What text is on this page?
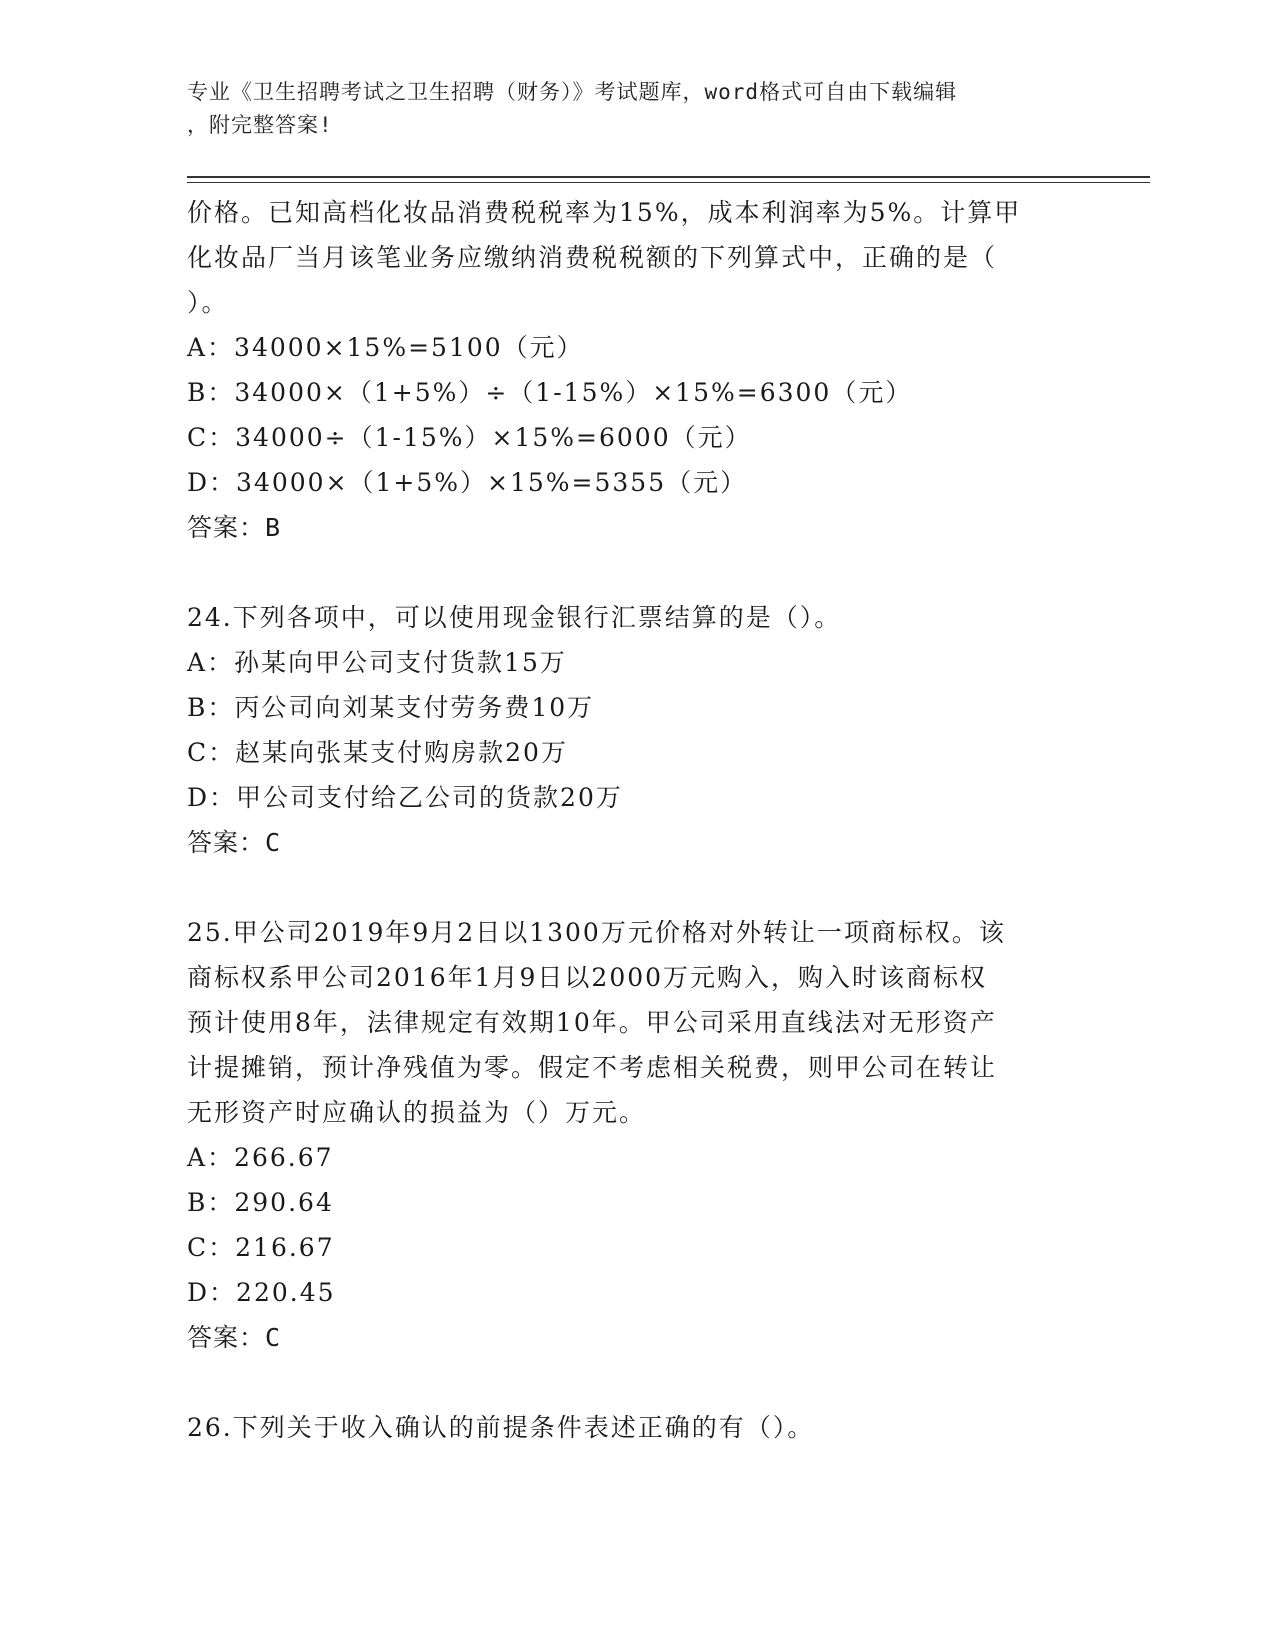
专业《卫生招聘考试之卫生招聘（财务）》考试题库，word格式可自由下载编辑

，附完整答案!

价格。已知高档化妆品消费税税率为15%，成本利润率为5%。计算甲
化妆品厂当月该笔业务应缴纳消费税税额的下列算式中，正确的是（
）。
A：34000×15%=5100（元）
B：34000×（1+5%）÷（1-15%）×15%=6300（元）
C：34000÷（1-15%）×15%=6000（元）
D：34000×（1+5%）×15%=5355（元）
答案：B
24.下列各项中，可以使用现金银行汇票结算的是（）。
A：孙某向甲公司支付货款15万
B：丙公司向刘某支付劳务费10万
C：赵某向张某支付购房款20万
D：甲公司支付给乙公司的货款20万
答案：C
25.甲公司2019年9月2日以1300万元价格对外转让一项商标权。该
商标权系甲公司2016年1月9日以2000万元购入，购入时该商标权
预计使用8年，法律规定有效期10年。甲公司采用直线法对无形资产
计提摊销，预计净残值为零。假定不考虑相关税费，则甲公司在转让
无形资产时应确认的损益为（）万元。
A：266.67
B：290.64
C：216.67
D：220.45
答案：C
26.下列关于收入确认的前提条件表述正确的有（）。
